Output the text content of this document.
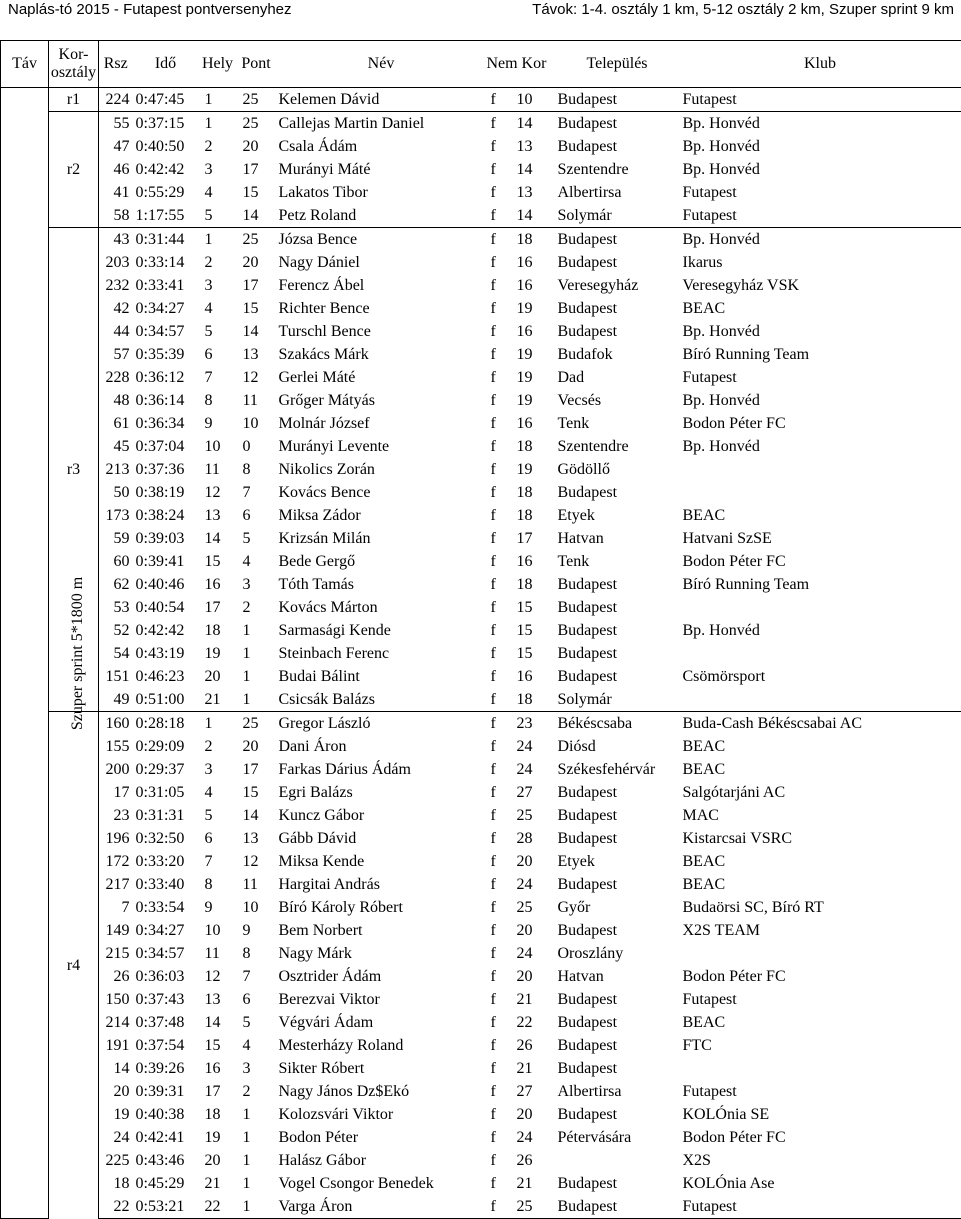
Naplás-tó 2015 - Futapest pontversenyhez	Távok: 1-4. osztály 1 km, 5-12 osztály 2 km, Szuper sprint 9 km
Táv	Kor-
osztály	Rsz	Idő	Hely	Pont	Név	Nem	Kor	Település	Klub
Szuper sprint 5*1800 m	r1	224	0:47:45	1	25	Kelemen Dávid	f	10	Budapest	Futapest
	r2	55	0:37:15	1	25	Callejas Martin Daniel	f	14	Budapest	Bp. Honvéd
		47	0:40:50	2	20	Csala Ádám	f	13	Budapest	Bp. Honvéd
		46	0:42:42	3	17	Murányi Máté	f	14	Szentendre	Bp. Honvéd
		41	0:55:29	4	15	Lakatos Tibor	f	13	Albertirsa	Futapest
		58	1:17:55	5	14	Petz Roland	f	14	Solymár	Futapest
	r3	43	0:31:44	1	25	Józsa Bence	f	18	Budapest	Bp. Honvéd
		203	0:33:14	2	20	Nagy Dániel	f	16	Budapest	Ikarus
		232	0:33:41	3	17	Ferencz Ábel	f	16	Veresegyház	Veresegyház VSK
		42	0:34:27	4	15	Richter Bence	f	19	Budapest	BEAC
		44	0:34:57	5	14	Turschl Bence	f	16	Budapest	Bp. Honvéd
		57	0:35:39	6	13	Szakács Márk	f	19	Budafok	Bíró Running Team
		228	0:36:12	7	12	Gerlei Máté	f	19	Dad	Futapest
		48	0:36:14	8	11	Grőger Mátyás	f	19	Vecsés	Bp. Honvéd
		61	0:36:34	9	10	Molnár József	f	16	Tenk	Bodon Péter FC
		45	0:37:04	10	0	Murányi Levente	f	18	Szentendre	Bp. Honvéd
		213	0:37:36	11	8	Nikolics Zorán	f	19	Gödöllő	
		50	0:38:19	12	7	Kovács Bence	f	18	Budapest	
		173	0:38:24	13	6	Miksa Zádor	f	18	Etyek	BEAC
		59	0:39:03	14	5	Krizsán Milán	f	17	Hatvan	Hatvani SzSE
		60	0:39:41	15	4	Bede Gergő	f	16	Tenk	Bodon Péter FC
		62	0:40:46	16	3	Tóth Tamás	f	18	Budapest	Bíró Running Team
		53	0:40:54	17	2	Kovács Márton	f	15	Budapest	
		52	0:42:42	18	1	Sarmasági Kende	f	15	Budapest	Bp. Honvéd
		54	0:43:19	19	1	Steinbach Ferenc	f	15	Budapest	
		151	0:46:23	20	1	Budai Bálint	f	16	Budapest	Csömörsport
		49	0:51:00	21	1	Csicsák Balázs	f	18	Solymár	
	r4	160	0:28:18	1	25	Gregor László	f	23	Békéscsaba	Buda-Cash Békéscsabai AC
		155	0:29:09	2	20	Dani Áron	f	24	Diósd	BEAC
		200	0:29:37	3	17	Farkas Dárius Ádám	f	24	Székesfehérvár	BEAC
		17	0:31:05	4	15	Egri Balázs	f	27	Budapest	Salgótarjáni AC
		23	0:31:31	5	14	Kuncz Gábor	f	25	Budapest	MAC
		196	0:32:50	6	13	Gább Dávid	f	28	Budapest	Kistarcsai VSRC
		172	0:33:20	7	12	Miksa Kende	f	20	Etyek	BEAC
		217	0:33:40	8	11	Hargitai András	f	24	Budapest	BEAC
		7	0:33:54	9	10	Bíró Károly Róbert	f	25	Győr	Budaörsi SC, Bíró RT
		149	0:34:27	10	9	Bem Norbert	f	20	Budapest	X2S TEAM
		215	0:34:57	11	8	Nagy Márk	f	24	Oroszlány	
		26	0:36:03	12	7	Osztrider Ádám	f	20	Hatvan	Bodon Péter FC
		150	0:37:43	13	6	Berezvai Viktor	f	21	Budapest	Futapest
		214	0:37:48	14	5	Végvári Ádam	f	22	Budapest	BEAC
		191	0:37:54	15	4	Mesterházy Roland	f	26	Budapest	FTC
		14	0:39:26	16	3	Sikter Róbert	f	21	Budapest	
		20	0:39:31	17	2	Nagy János Dz$Ekó	f	27	Albertirsa	Futapest
		19	0:40:38	18	1	Kolozsvári Viktor	f	20	Budapest	KOLÓnia SE
		24	0:42:41	19	1	Bodon Péter	f	24	Pétervására	Bodon Péter FC
		225	0:43:46	20	1	Halász Gábor	f	26		X2S
		18	0:45:29	21	1	Vogel Csongor Benedek	f	21	Budapest	KOLÓnia Ase
		22	0:53:21	22	1	Varga Áron	f	25	Budapest	Futapest
